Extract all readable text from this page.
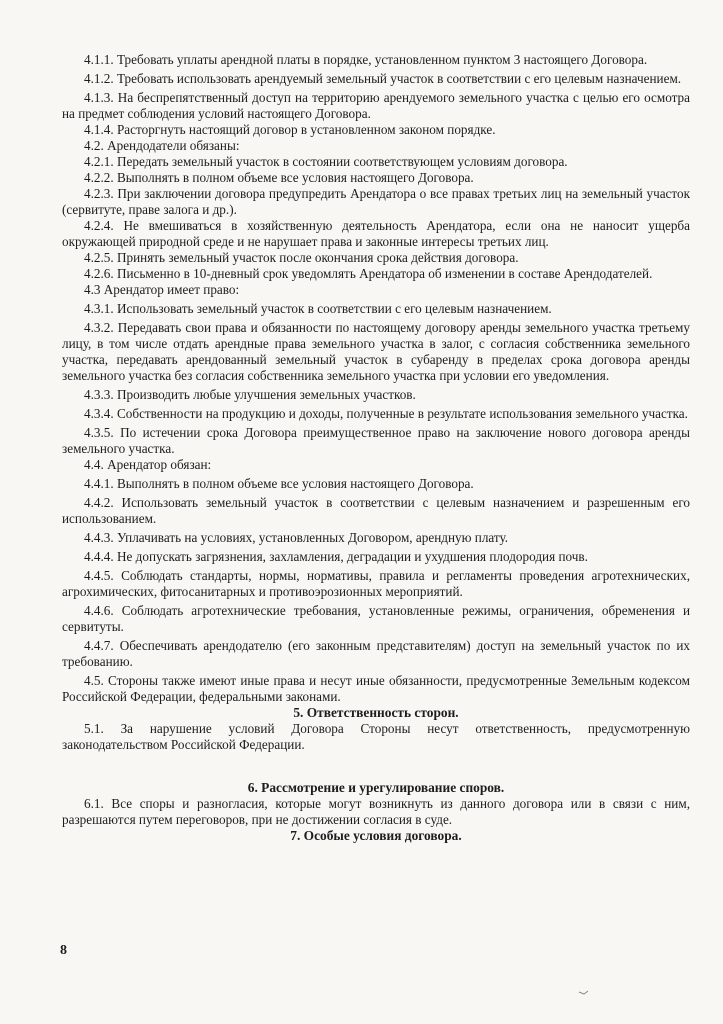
4.1.1. Требовать уплаты арендной платы в порядке, установленном пунктом 3 настоящего Договора.

4.1.2. Требовать использовать арендуемый земельный участок в соответствии с его целевым назначением.

4.1.3. На беспрепятственный доступ на территорию арендуемого земельного участка с целью его осмотра на предмет соблюдения условий настоящего Договора.

4.1.4. Расторгнуть настоящий договор в установленном законом порядке.

4.2. Арендодатели обязаны:

4.2.1. Передать земельный участок в состоянии соответствующем условиям договора.

4.2.2. Выполнять в полном объеме все условия настоящего Договора.

4.2.3. При заключении договора предупредить Арендатора о все правах третьих лиц на земельный участок (сервитуте, праве залога и др.).

4.2.4. Не вмешиваться в хозяйственную деятельность Арендатора, если она не наносит ущерба окружающей природной среде и не нарушает права и законные интересы третьих лиц.

4.2.5. Принять земельный участок после окончания срока действия договора.

4.2.6. Письменно в 10-дневный срок уведомлять Арендатора об изменении в составе Арендодателей.

4.3 Арендатор имеет право:

4.3.1. Использовать земельный участок в соответствии с его целевым назначением.

4.3.2. Передавать свои права и обязанности по настоящему договору аренды земельного участка третьему лицу, в том числе отдать арендные права земельного участка в залог, с согласия собственника земельного участка, передавать арендованный земельный участок в субаренду в пределах срока договора аренды земельного участка без согласия собственника земельного участка при условии его уведомления.

4.3.3. Производить любые улучшения земельных участков.

4.3.4. Собственности на продукцию и доходы, полученные в результате использования земельного участка.

4.3.5. По истечении срока Договора преимущественное право на заключение нового договора аренды земельного участка.

4.4. Арендатор обязан:

4.4.1. Выполнять в полном объеме все условия настоящего Договора.

4.4.2. Использовать земельный участок в соответствии с целевым назначением и разрешенным его использованием.

4.4.3. Уплачивать на условиях, установленных Договором, арендную плату.

4.4.4. Не допускать загрязнения, захламления, деградации и ухудшения плодородия почв.

4.4.5. Соблюдать стандарты, нормы, нормативы, правила и регламенты проведения агротехнических, агрохимических, фитосанитарных и противоэрозионных мероприятий.

4.4.6. Соблюдать агротехнические требования, установленные режимы, ограничения, обременения и сервитуты.

4.4.7. Обеспечивать арендодателю (его законным представителям) доступ на земельный участок по их требованию.

4.5. Стороны также имеют иные права и несут иные обязанности, предусмотренные Земельным кодексом Российской Федерации, федеральными законами.

5. Ответственность сторон.

5.1. За нарушение условий Договора Стороны несут ответственность, предусмотренную законодательством Российской Федерации.

6. Рассмотрение и урегулирование споров.

6.1. Все споры и разногласия, которые могут возникнуть из данного договора или в связи с ним, разрешаются путем переговоров, при не достижении согласия в суде.

7. Особые условия договора.

8
